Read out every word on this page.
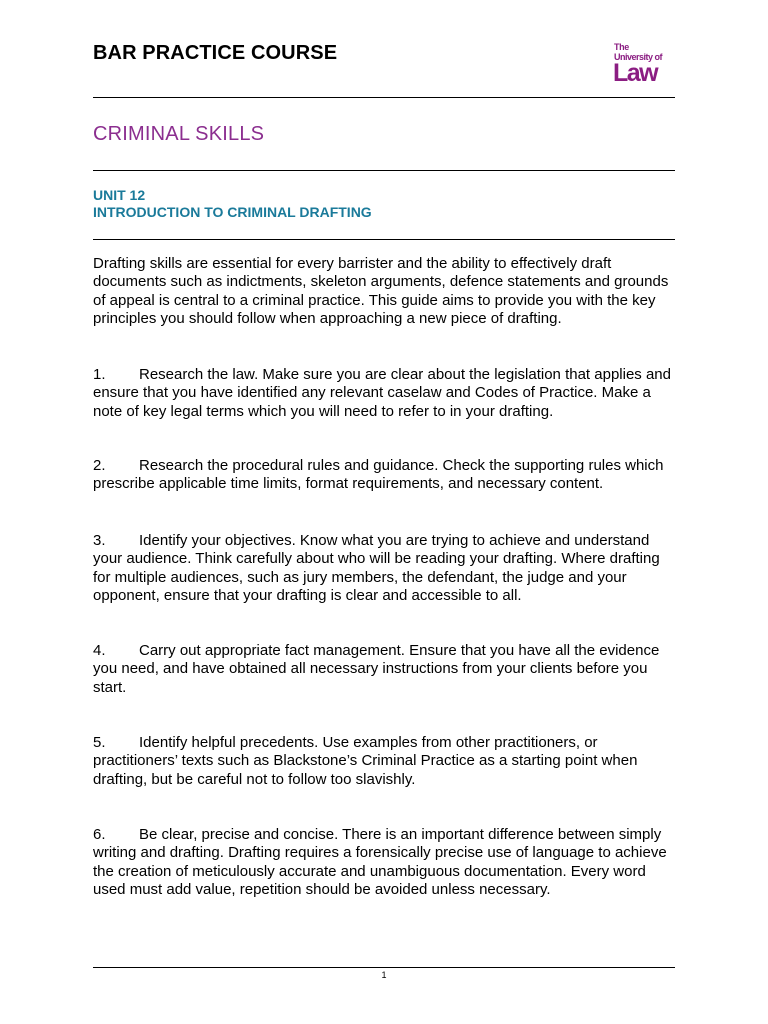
BAR PRACTICE COURSE	The
University of
Law
CRIMINAL SKILLS
UNIT 12
INTRODUCTION TO CRIMINAL DRAFTING
Drafting skills are essential for every barrister and the ability to effectively draft documents such as indictments, skeleton arguments, defence statements and grounds of appeal is central to a criminal practice. This guide aims to provide you with the key principles you should follow when approaching a new piece of drafting.
1. Research the law. Make sure you are clear about the legislation that applies and ensure that you have identified any relevant caselaw and Codes of Practice. Make a note of key legal terms which you will need to refer to in your drafting.
2. Research the procedural rules and guidance. Check the supporting rules which prescribe applicable time limits, format requirements, and necessary content.
3. Identify your objectives. Know what you are trying to achieve and understand your audience. Think carefully about who will be reading your drafting. Where drafting for multiple audiences, such as jury members, the defendant, the judge and your opponent, ensure that your drafting is clear and accessible to all.
4. Carry out appropriate fact management. Ensure that you have all the evidence you need, and have obtained all necessary instructions from your clients before you start.
5. Identify helpful precedents. Use examples from other practitioners, or practitioners’ texts such as Blackstone’s Criminal Practice as a starting point when drafting, but be careful not to follow too slavishly.
6. Be clear, precise and concise. There is an important difference between simply writing and drafting. Drafting requires a forensically precise use of language to achieve the creation of meticulously accurate and unambiguous documentation. Every word used must add value, repetition should be avoided unless necessary.
1
